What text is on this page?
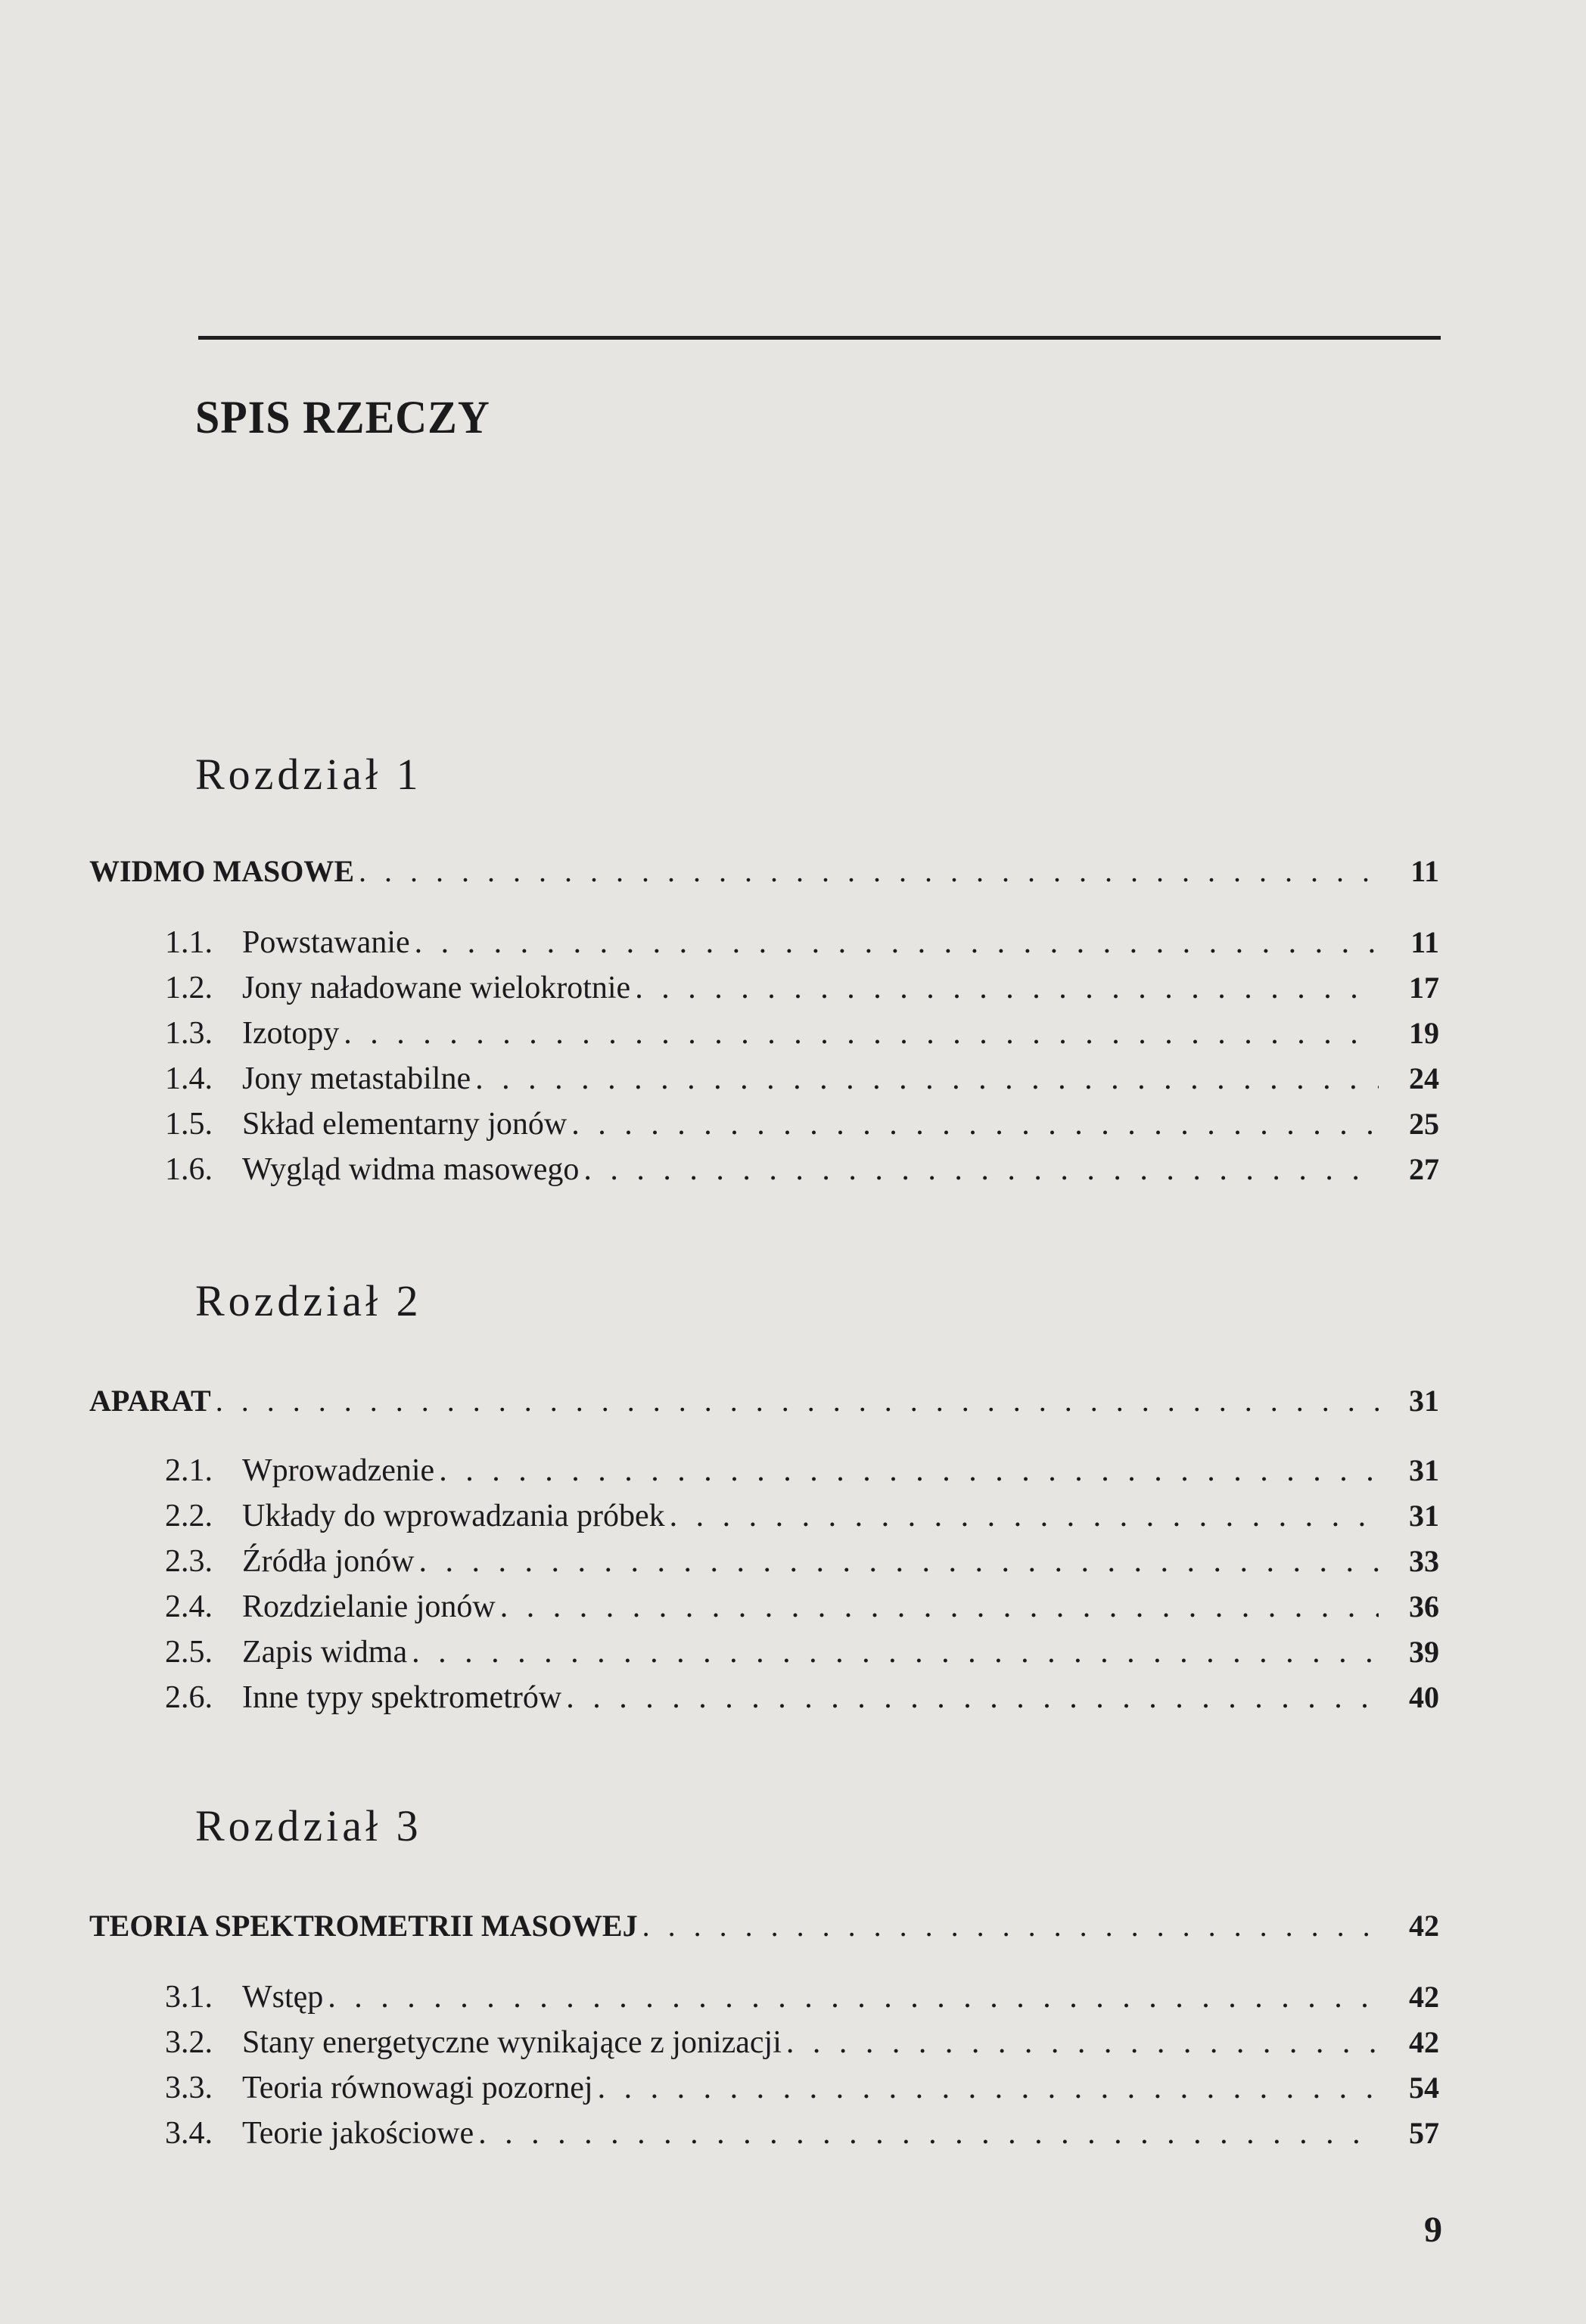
SPIS RZECZY
Rozdział 1
WIDMO MASOWE . . .	11
1.1. Powstawanie . . .	11
1.2. Jony naładowane wielokrotnie . . .	17
1.3. Izotopy . . .	19
1.4. Jony metastabilne . . .	24
1.5. Skład elementarny jonów . . .	25
1.6. Wygląd widma masowego . . .	27
Rozdział 2
APARAT . . .	31
2.1. Wprowadzenie . . .	31
2.2. Układy do wprowadzania próbek . . .	31
2.3. Źródła jonów . . .	33
2.4. Rozdzielanie jonów . . .	36
2.5. Zapis widma . . .	39
2.6. Inne typy spektrometrów . . .	40
Rozdział 3
TEORIA SPEKTROMETRII MASOWEJ . . .	42
3.1. Wstęp . . .	42
3.2. Stany energetyczne wynikające z jonizacji . . .	42
3.3. Teoria równowagi pozornej . . .	54
3.4. Teorie jakościowe . . .	57
9
